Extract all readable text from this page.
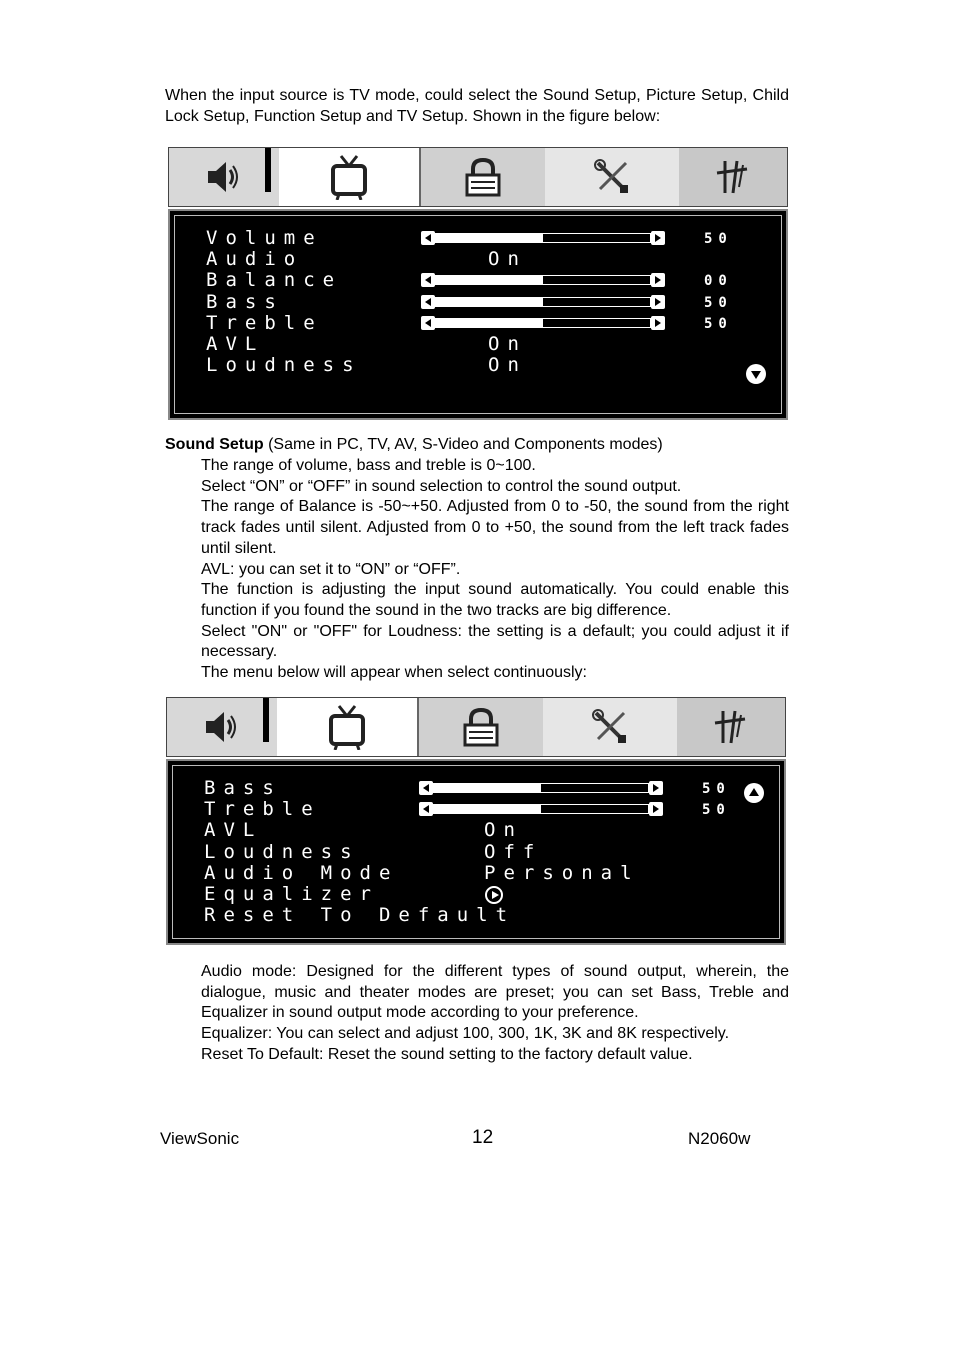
When the input source is TV mode, could select the Sound Setup, Picture Setup, Child Lock Setup, Function Setup and TV Setup. Shown in the figure below:
Volume	50
Audio	On
Balance	00
Bass	50
Treble	50
AVL	On
Loudness	On
Sound Setup (Same in PC, TV, AV, S-Video and Components modes)
1. The range of volume, bass and treble is 0~100.

2. Select “ON” or “OFF” in sound selection to control the sound output.

3. The range of Balance is -50~+50. Adjusted from 0 to -50, the sound from the right track fades until silent. Adjusted from 0 to +50, the sound from the left track fades until silent.

4. AVL: you can set it to “ON” or “OFF”.

The function is adjusting the input sound automatically. You could enable this function if you found the sound in the two tracks are big difference.

5. Select "ON" or "OFF" for Loudness: the setting is a default; you could adjust it if necessary.

The menu below will appear when select continuously:

Bass	50
Treble	50
AVL	On
Loudness	Off
Audio Mode	Personal
Equalizer
Reset To Default
6. Audio mode: Designed for the different types of sound output, wherein, the dialogue, music and theater modes are preset; you can set Bass, Treble and Equalizer in sound output mode according to your preference.

7. Equalizer: You can select and adjust 100, 300, 1K, 3K and 8K respectively.

8. Reset To Default: Reset the sound setting to the factory default value.

ViewSonic	12	N2060w
